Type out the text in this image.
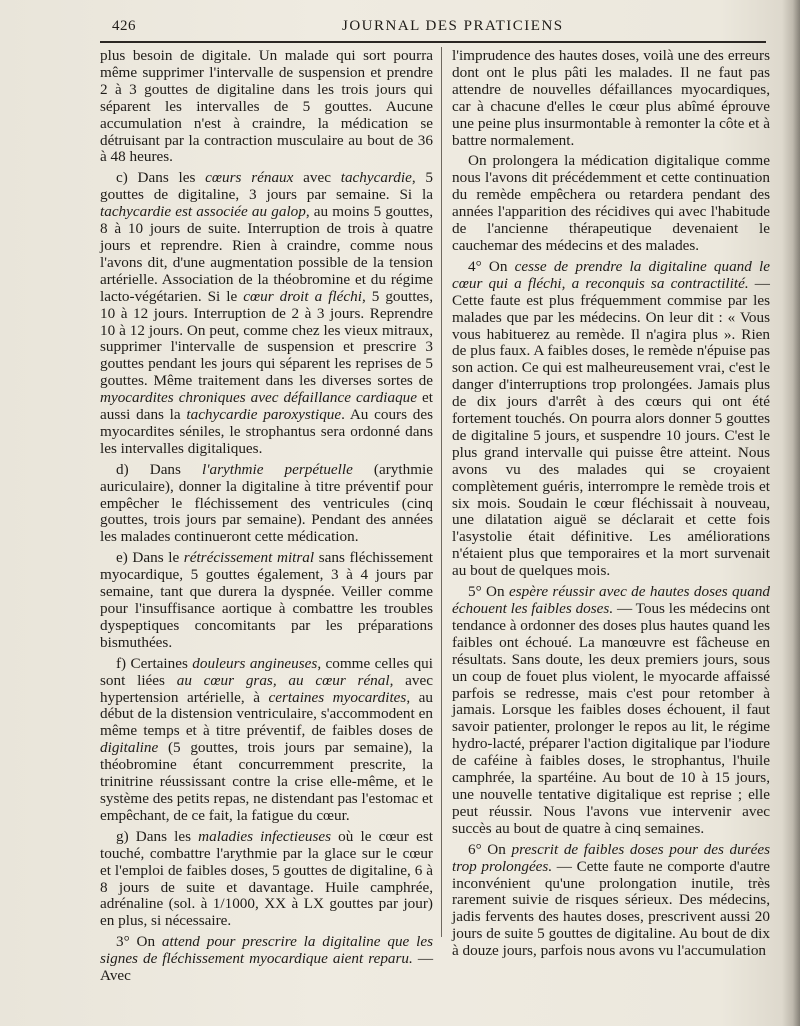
426	JOURNAL DES PRATICIENS

plus besoin de digitale. Un malade qui sort pourra même supprimer l'intervalle de suspension et prendre 2 à 3 gouttes de digitaline dans les trois jours qui séparent les intervalles de 5 gouttes. Aucune accumulation n'est à craindre, la médication se détruisant par la contraction musculaire au bout de 36 à 48 heures.

c) Dans les cœurs rénaux avec tachycardie, 5 gouttes de digitaline, 3 jours par semaine. Si la tachycardie est associée au galop, au moins 5 gouttes, 8 à 10 jours de suite. Interruption de trois à quatre jours et reprendre. Rien à craindre, comme nous l'avons dit, d'une augmentation possible de la tension artérielle. Association de la théobromine et du régime lacto-végétarien. Si le cœur droit a fléchi, 5 gouttes, 10 à 12 jours. Interruption de 2 à 3 jours. Reprendre 10 à 12 jours. On peut, comme chez les vieux mitraux, supprimer l'intervalle de suspension et prescrire 3 gouttes pendant les jours qui séparent les reprises de 5 gouttes. Même traitement dans les diverses sortes de myocardites chroniques avec défaillance cardiaque et aussi dans la tachycardie paroxystique. Au cours des myocardites séniles, le strophantus sera ordonné dans les intervalles digitaliques.

d) Dans l'arythmie perpétuelle (arythmie auriculaire), donner la digitaline à titre préventif pour empêcher le fléchissement des ventricules (cinq gouttes, trois jours par semaine). Pendant des années les malades continueront cette médication.

e) Dans le rétrécissement mitral sans fléchissement myocardique, 5 gouttes également, 3 à 4 jours par semaine, tant que durera la dyspnée. Veiller comme pour l'insuffisance aortique à combattre les troubles dyspeptiques concomitants par les préparations bismuthées.

f) Certaines douleurs angineuses, comme celles qui sont liées au cœur gras, au cœur rénal, avec hypertension artérielle, à certaines myocardites, au début de la distension ventriculaire, s'accommodent en même temps et à titre préventif, de faibles doses de digitaline (5 gouttes, trois jours par semaine), la théobromine étant concurremment prescrite, la trinitrine réussissant contre la crise elle-même, et le système des petits repas, ne distendant pas l'estomac et empêchant, de ce fait, la fatigue du cœur.

g) Dans les maladies infectieuses où le cœur est touché, combattre l'arythmie par la glace sur le cœur et l'emploi de faibles doses, 5 gouttes de digitaline, 6 à 8 jours de suite et davantage. Huile camphrée, adrénaline (sol. à 1/1000, XX à LX gouttes par jour) en plus, si nécessaire.

3° On attend pour prescrire la digitaline que les signes de fléchissement myocardique aient reparu. — Avec

l'imprudence des hautes doses, voilà une des erreurs dont ont le plus pâti les malades. Il ne faut pas attendre de nouvelles défaillances myocardiques, car à chacune d'elles le cœur plus abîmé éprouve une peine plus insurmontable à remonter la côte et à battre normalement.

On prolongera la médication digitalique comme nous l'avons dit précédemment et cette continuation du remède empêchera ou retardera pendant des années l'apparition des récidives qui avec l'habitude de l'ancienne thérapeutique devenaient le cauchemar des médecins et des malades.

4° On cesse de prendre la digitaline quand le cœur qui a fléchi, a reconquis sa contractilité. — Cette faute est plus fréquemment commise par les malades que par les médecins. On leur dit : « Vous vous habituerez au remède. Il n'agira plus ». Rien de plus faux. A faibles doses, le remède n'épuise pas son action. Ce qui est malheureusement vrai, c'est le danger d'interruptions trop prolongées. Jamais plus de dix jours d'arrêt à des cœurs qui ont été fortement touchés. On pourra alors donner 5 gouttes de digitaline 5 jours, et suspendre 10 jours. C'est le plus grand intervalle qui puisse être atteint. Nous avons vu des malades qui se croyaient complètement guéris, interrompre le remède trois et six mois. Soudain le cœur fléchissait à nouveau, une dilatation aiguë se déclarait et cette fois l'asystolie était définitive. Les améliorations n'étaient plus que temporaires et la mort survenait au bout de quelques mois.

5° On espère réussir avec de hautes doses quand échouent les faibles doses. — Tous les médecins ont tendance à ordonner des doses plus hautes quand les faibles ont échoué. La manœuvre est fâcheuse en résultats. Sans doute, les deux premiers jours, sous un coup de fouet plus violent, le myocarde affaissé parfois se redresse, mais c'est pour retomber à jamais. Lorsque les faibles doses échouent, il faut savoir patienter, prolonger le repos au lit, le régime hydro-lacté, préparer l'action digitalique par l'iodure de caféine à faibles doses, le strophantus, l'huile camphrée, la spartéine. Au bout de 10 à 15 jours, une nouvelle tentative digitalique est reprise ; elle peut réussir. Nous l'avons vue intervenir avec succès au bout de quatre à cinq semaines.

6° On prescrit de faibles doses pour des durées trop prolongées. — Cette faute ne comporte d'autre inconvénient qu'une prolongation inutile, très rarement suivie de risques sérieux. Des médecins, jadis fervents des hautes doses, prescrivent aussi 20 jours de suite 5 gouttes de digitaline. Au bout de dix à douze jours, parfois nous avons vu l'accumulation
